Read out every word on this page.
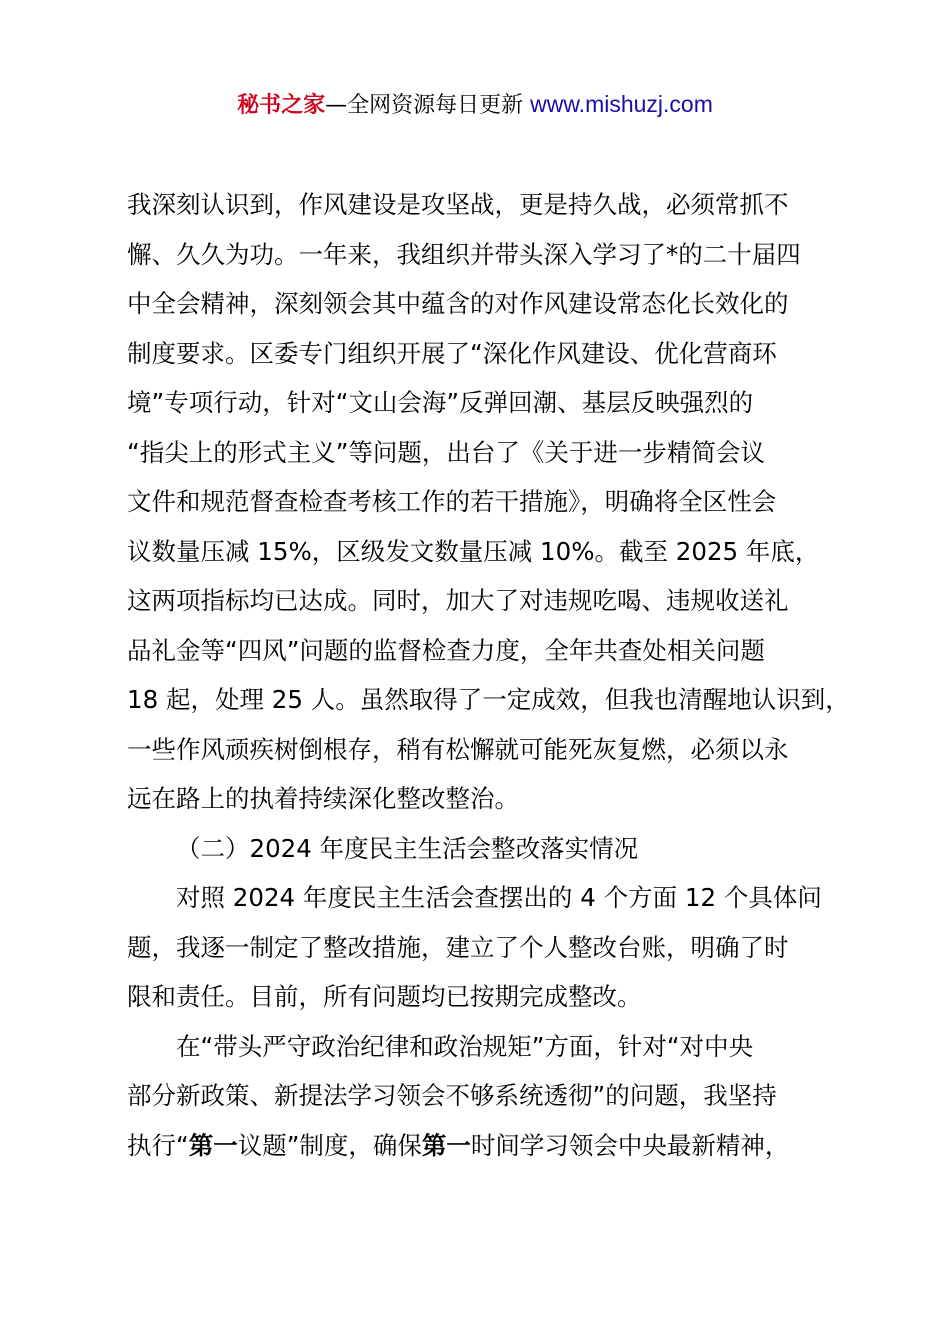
秘书之家—全网资源每日更新 www.mishuzj.com
我深刻认识到，作风建设是攻坚战，更是持久战，必须常抓不
懈、久久为功。一年来，我组织并带头深入学习了*的二十届四
中全会精神，深刻领会其中蕴含的对作风建设常态化长效化的
制度要求。区委专门组织开展了“深化作风建设、优化营商环
境”专项行动，针对“文山会海”反弹回潮、基层反映强烈的
“指尖上的形式主义”等问题，出台了《关于进一步精简会议
文件和规范督查检查考核工作的若干措施》，明确将全区性会
议数量压减 15%，区级发文数量压减 10%。截至 2025 年底，
这两项指标均已达成。同时，加大了对违规吃喝、违规收送礼
品礼金等“四风”问题的监督检查力度，全年共查处相关问题
18 起，处理 25 人。虽然取得了一定成效，但我也清醒地认识到，
一些作风顽疾树倒根存，稍有松懈就可能死灰复燃，必须以永
远在路上的执着持续深化整改整治。
（二）2024 年度民主生活会整改落实情况
对照 2024 年度民主生活会查摆出的 4 个方面 12 个具体问
题，我逐一制定了整改措施，建立了个人整改台账，明确了时
限和责任。目前，所有问题均已按期完成整改。
在“带头严守政治纪律和政治规矩”方面，针对“对中央
部分新政策、新提法学习领会不够系统透彻”的问题，我坚持
执行“第一议题”制度，确保第一时间学习领会中央最新精神，
